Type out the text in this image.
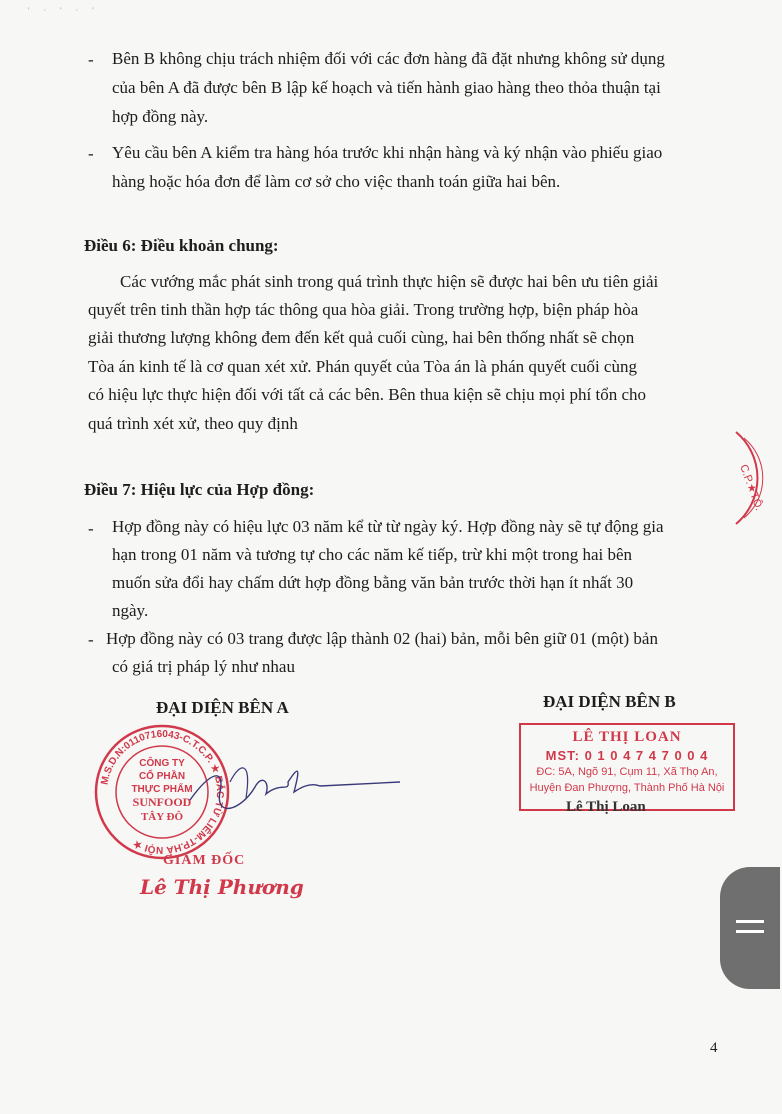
' · ' · '
- Bên B không chịu trách nhiệm đối với các đơn hàng đã đặt nhưng không sử dụng
của bên A đã được bên B lập kế hoạch và tiến hành giao hàng theo thỏa thuận tại
hợp đồng này.
- Yêu cầu bên A kiểm tra hàng hóa trước khi nhận hàng và ký nhận vào phiếu giao
hàng hoặc hóa đơn để làm cơ sở cho việc thanh toán giữa hai bên.
Điều 6: Điều khoản chung:
Các vướng mắc phát sinh trong quá trình thực hiện sẽ được hai bên ưu tiên giải
quyết trên tinh thần hợp tác thông qua hòa giải. Trong trường hợp, biện pháp hòa
giải thương lượng không đem đến kết quả cuối cùng, hai bên thống nhất sẽ chọn
Tòa án kinh tế là cơ quan xét xử. Phán quyết của Tòa án là phán quyết cuối cùng
có hiệu lực thực hiện đối với tất cả các bên. Bên thua kiện sẽ chịu mọi phí tổn cho
quá trình xét xử, theo quy định
Điều 7: Hiệu lực của Hợp đồng:
- Hợp đồng này có hiệu lực 03 năm kể từ từ ngày ký. Hợp đồng này sẽ tự động gia
hạn trong 01 năm và tương tự cho các năm kế tiếp, trừ khi một trong hai bên
muốn sửa đổi hay chấm dứt hợp đồng bằng văn bản trước thời hạn ít nhất 30
ngày.
- Hợp đồng này có 03 trang được lập thành 02 (hai) bản, mỗi bên giữ 01 (một) bản
có giá trị pháp lý như nhau
C.P.★TÔ.
ĐẠI DIỆN BÊN A	ĐẠI DIỆN BÊN B
M.S.D.N:0110716043-C.T.C.P. ★ BẮC TỪ LIÊM-TP.HÀ NỘI ★
CÔNG TY
CỔ PHẦN
THỰC PHẨM
SUNFOOD
TÂY ĐÔ
GIÁM ĐỐC
Lê Thị Phương
LÊ THỊ LOAN
MST: 0 1 0 4 7 4 7 0 0 4
ĐC: 5A, Ngõ 91, Cụm 11, Xã Thọ An,
Huyện Đan Phượng, Thành Phố Hà Nội
Lê Thị Loan
4
